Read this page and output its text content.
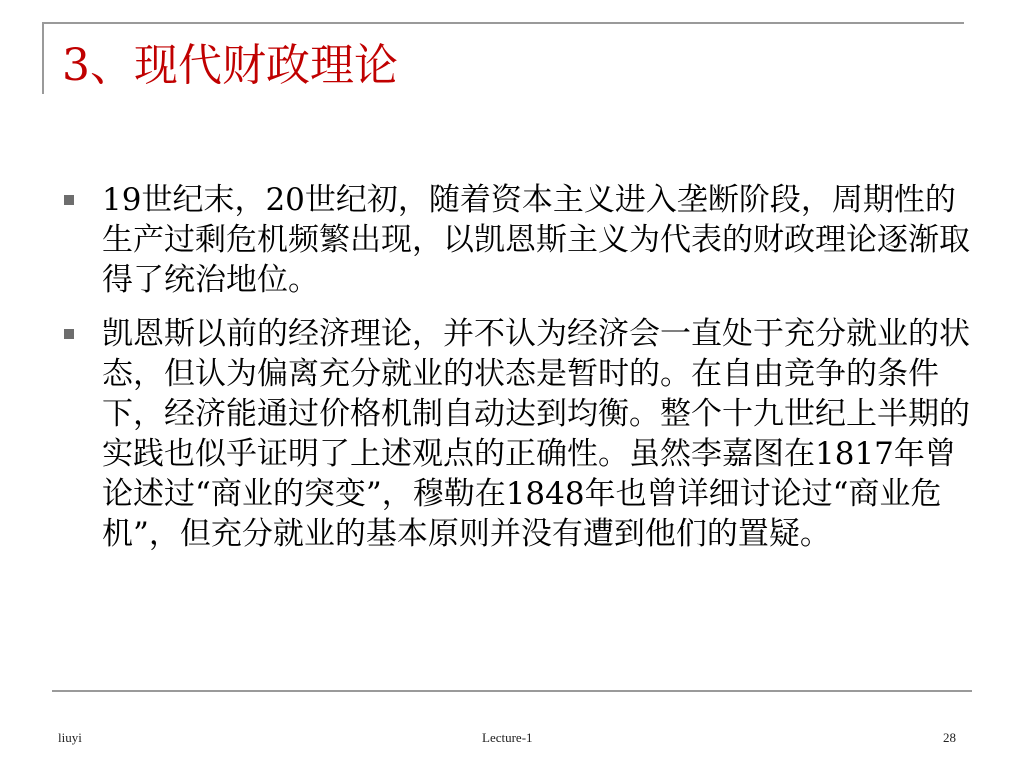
3、现代财政理论
19世纪末，20世纪初，随着资本主义进入垄断阶段，周期性的生产过剩危机频繁出现，以凯恩斯主义为代表的财政理论逐渐取得了统治地位。
凯恩斯以前的经济理论，并不认为经济会一直处于充分就业的状态，但认为偏离充分就业的状态是暂时的。在自由竞争的条件下，经济能通过价格机制自动达到均衡。整个十九世纪上半期的实践也似乎证明了上述观点的正确性。虽然李嘉图在1817年曾论述过“商业的突变”，穆勒在1848年也曾详细讨论过“商业危机”，但充分就业的基本原则并没有遭到他们的置疑。
liuyi	Lecture-1	28
